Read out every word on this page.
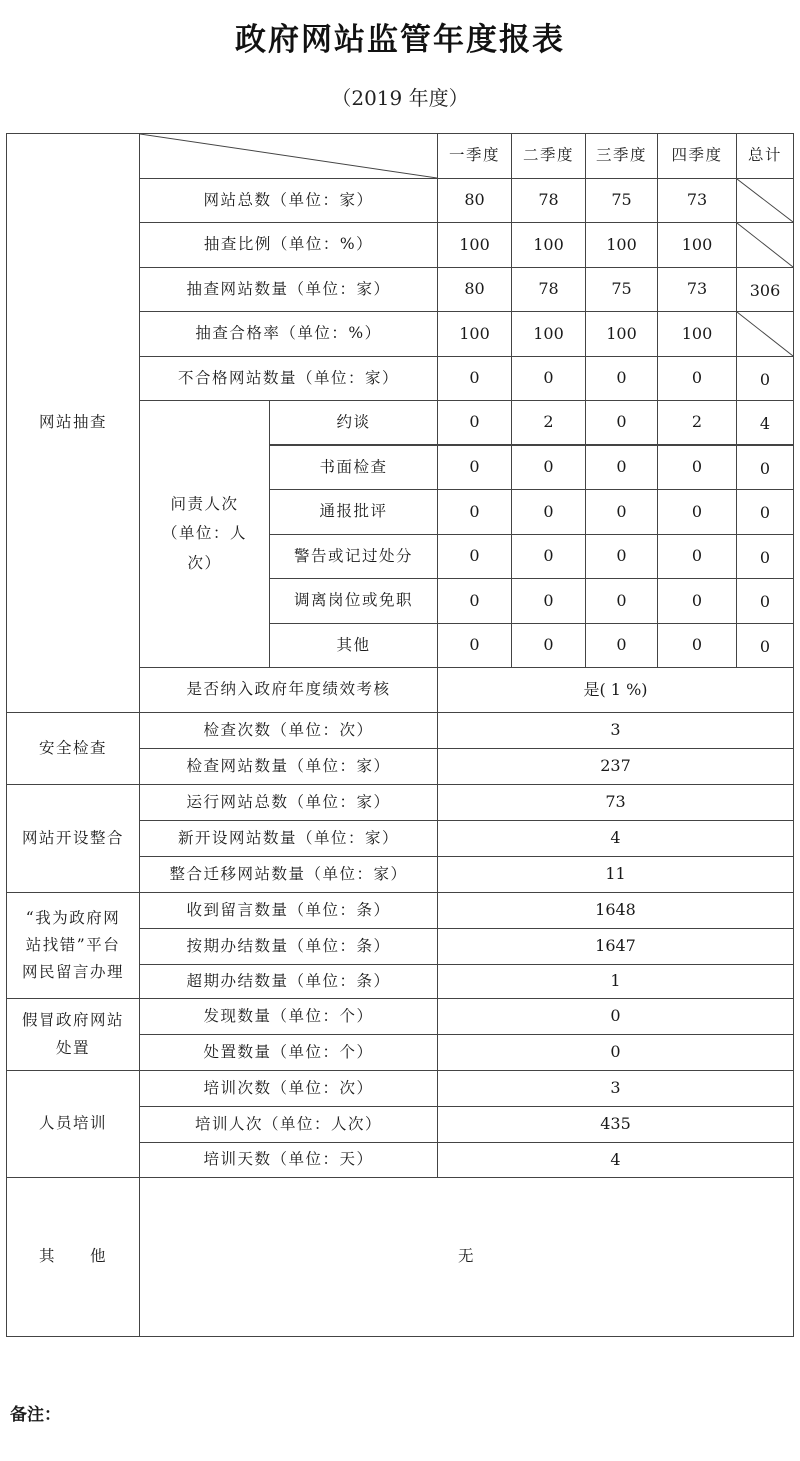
政府网站监管年度报表
（2019 年度）
网站抽查
一季度	二季度	三季度	四季度	总计
网站总数（单位：家）	80	78	75	73
抽查比例（单位：%）	100	100	100	100
抽查网站数量（单位：家）	80	78	75	73	306
抽查合格率（单位：%）	100	100	100	100
不合格网站数量（单位：家）	0	0	0	0	0
问责人次
（单位：人
次）
约谈	0	2	0	2	4
书面检查	0	0	0	0	0
通报批评	0	0	0	0	0
警告或记过处分	0	0	0	0	0
调离岗位或免职	0	0	0	0	0
其他	0	0	0	0	0
是否纳入政府年度绩效考核	是( 1 %)
安全检查
检查次数（单位：次）	3
检查网站数量（单位：家）	237
网站开设整合
运行网站总数（单位：家）	73
新开设网站数量（单位：家）	4
整合迁移网站数量（单位：家）	11
“我为政府网
站找错”平台
网民留言办理
收到留言数量（单位：条）	1648
按期办结数量（单位：条）	1647
超期办结数量（单位：条）	1
假冒政府网站
处置
发现数量（单位：个）	0
处置数量（单位：个）	0
人员培训
培训次数（单位：次）	3
培训人次（单位：人次）	435
培训天数（单位：天）	4
其　　他	无
备注：
